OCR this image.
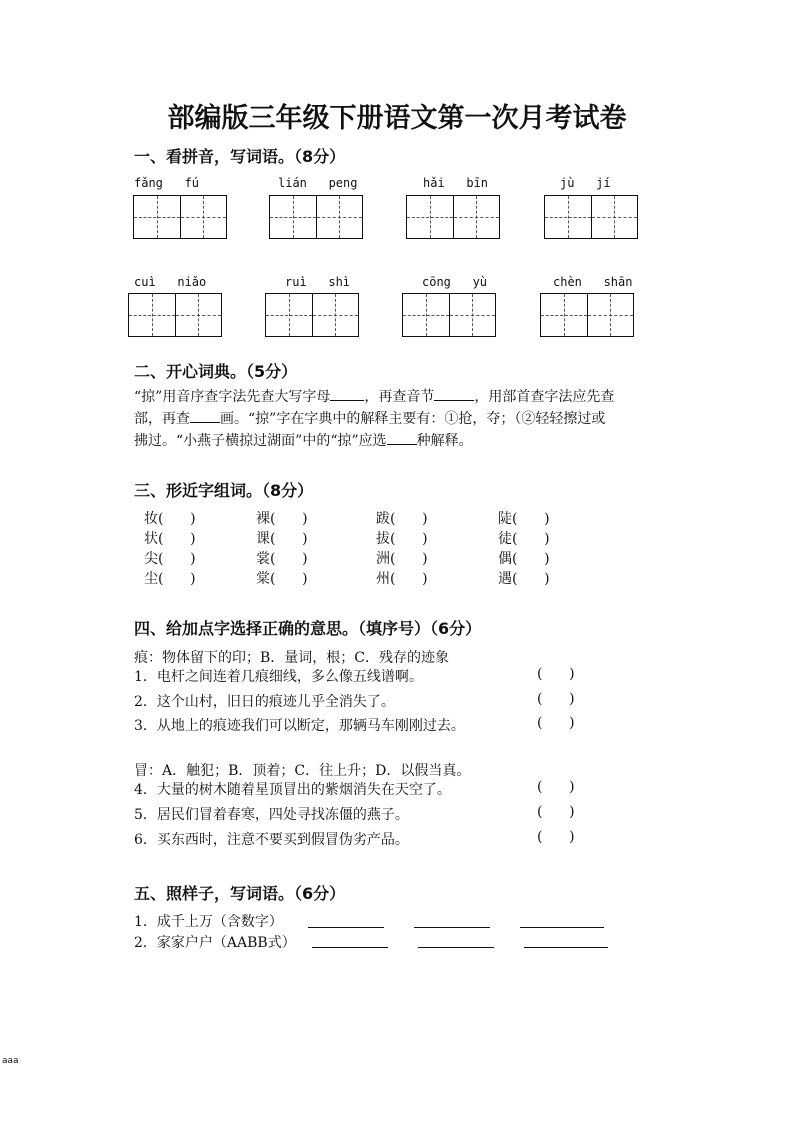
部编版三年级下册语文第一次月考试卷
一、看拼音，写词语。（8分）
fǎng   fú	lián   peng	hǎi   bīn	jù   jí
cuì   niǎo	ruì   shì	cōng   yù	chèn   shān
二、开心词典。（5分）
“掠”用音序查字法先查大写字母 ，再查音节	，用部首查字法应先查
部，再查 画。“掠”字在字典中的解释主要有：①抢，夺；（②轻轻擦过或
拂过。“小燕子横掠过湖面”中的“掠”应选 种解释。
三、形近字组词。（8分）
妆(      )	裸(      )	跋(      )	陡(      )
状(      )	课(      )	拔(      )	徒(      )
尖(      )	裳(      )	洲(      )	偶(      )
尘(      )	棠(      )	州(      )	遇(      )
四、给加点字选择正确的意思。（填序号）（6分）
痕：物体留下的印；B．量词，根；C．残存的迹象
1．电杆之间连着几痕细线，多么像五线谱啊。	(      )
2．这个山村，旧日的痕迹儿乎全消失了。	(      )
3．从地上的痕迹我们可以断定，那辆马车刚刚过去。	(      )
冒：A．触犯；B．顶着；C．往上升；D．以假当真。
4．大量的树木随着星顶冒出的紫烟消失在天空了。	(      )
5．居民们冒着春寒，四处寻找冻僵的燕子。	(      )
6．买东西时，注意不要买到假冒伪劣产品。	(      )
五、照样子，写词语。（6分）
1．成千上万（含数字）
2．家家户户（AABB式）
aaa
